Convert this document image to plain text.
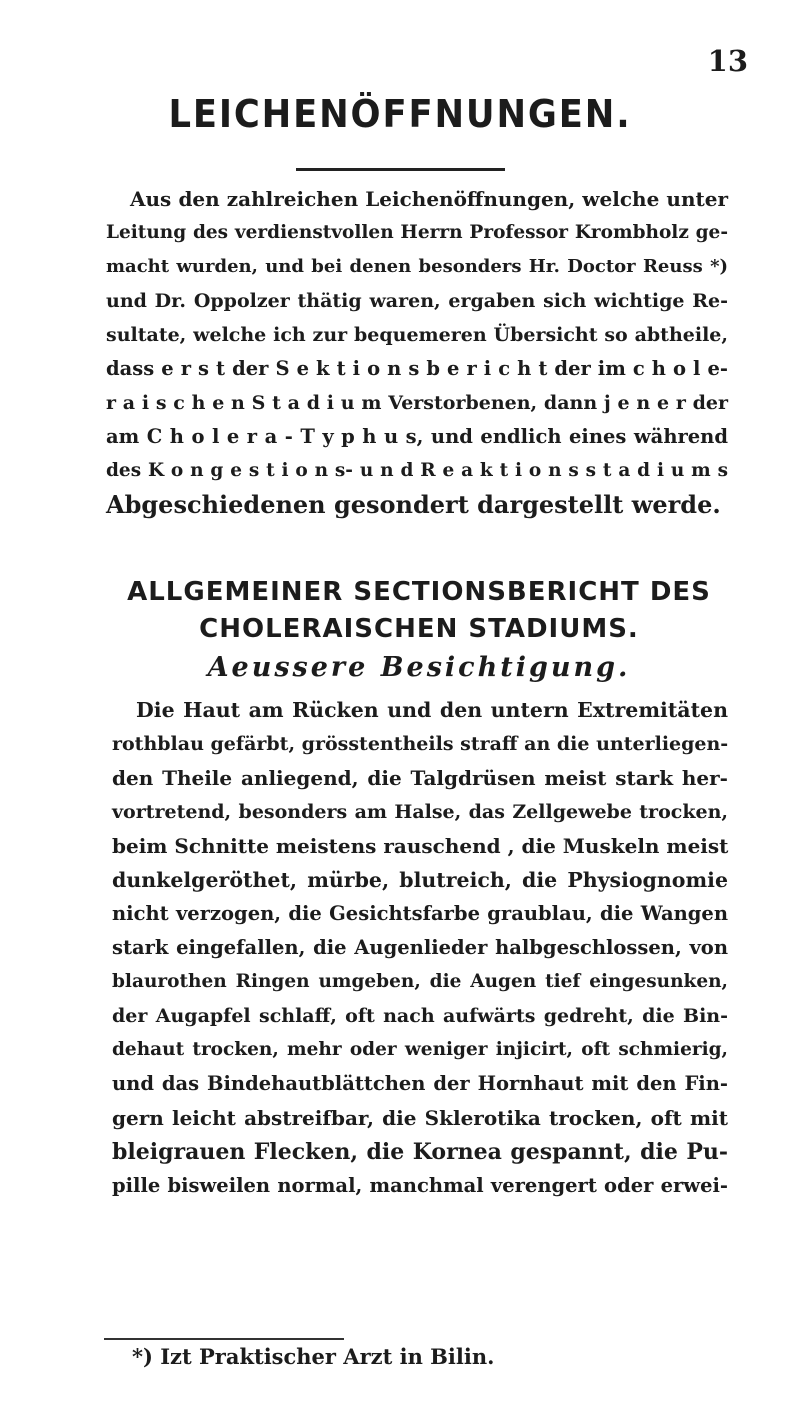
13
LEICHENÖFFNUNGEN.
Aus den zahlreichen Leichenöffnungen, welche unter
Leitung des verdienstvollen Herrn Professor Krombholz ge-
macht wurden, und bei denen besonders Hr. Doctor Reuss *)
und Dr. Oppolzer thätig waren, ergaben sich wichtige Re-
sultate, welche ich zur bequemeren Übersicht so abtheile,
dass e r s t der S e k t i o n s b e r i c h t der im c h o l e-
r a i s c h e n S t a d i u m Verstorbenen, dann j e n e r der
am C h o l e r a - T y p h u s, und endlich eines während
des K o n g e s t i o n s- u n d R e a k t i o n s s t a d i u m s
Abgeschiedenen gesondert dargestellt werde.
ALLGEMEINER SECTIONSBERICHT DES
CHOLERAISCHEN STADIUMS.
Aeussere Besichtigung.
Die Haut am Rücken und den untern Extremitäten
rothblau gefärbt, grösstentheils straff an die unterliegen-
den Theile anliegend, die Talgdrüsen meist stark her-
vortretend, besonders am Halse, das Zellgewebe trocken,
beim Schnitte meistens rauschend , die Muskeln meist
dunkelgeröthet, mürbe, blutreich, die Physiognomie
nicht verzogen, die Gesichtsfarbe graublau, die Wangen
stark eingefallen, die Augenlieder halbgeschlossen, von
blaurothen Ringen umgeben, die Augen tief eingesunken,
der Augapfel schlaff, oft nach aufwärts gedreht, die Bin-
dehaut trocken, mehr oder weniger injicirt, oft schmierig,
und das Bindehautblättchen der Hornhaut mit den Fin-
gern leicht abstreifbar, die Sklerotika trocken, oft mit
bleigrauen Flecken, die Kornea gespannt, die Pu-
pille bisweilen normal, manchmal verengert oder erwei-
*) Izt Praktischer Arzt in Bilin.
